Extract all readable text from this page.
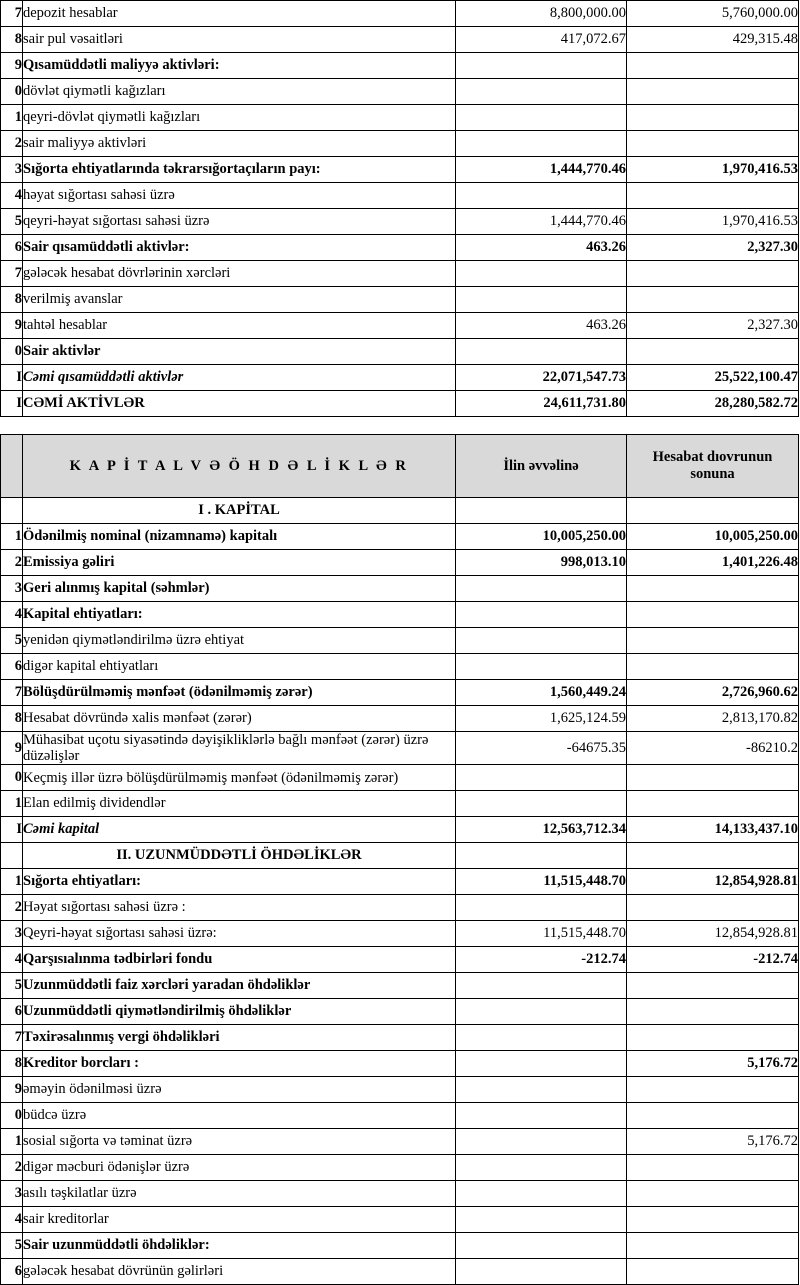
7	depozit hesablar	8,800,000.00	5,760,000.00
8	sair pul vəsaitləri	417,072.67	429,315.48
9	Qısamüddətli maliyyə aktivləri:		
0	dövlət qiymətli kağızları		
1	qeyri-dövlət qiymətli kağızları		
2	sair maliyyə aktivləri		
3	Sığorta ehtiyatlarında təkrarsığortaçıların payı:	1,444,770.46	1,970,416.53
4	həyat sığortası sahəsi üzrə		
5	qeyri-həyat sığortası sahəsi üzrə	1,444,770.46	1,970,416.53
6	Sair qısamüddətli aktivlər:	463.26	2,327.30
7	gələcək hesabat dövrlərinin xərcləri		
8	verilmiş avanslar		
9	tahtəl hesablar	463.26	2,327.30
0	Sair aktivlər		
I	Cəmi qısamüddətli aktivlər	22,071,547.73	25,522,100.47
I	CƏMİ AKTİVLƏR	24,611,731.80	28,280,582.72
	K A P İ T A L V Ə Ö H D Ə L İ K L Ə R	İlin əvvəlinə	Hesabat dıovrunun
sonuna

	I . KAPİTAL		
1	Ödənilmiş nominal (nizamnamə) kapitalı	10,005,250.00	10,005,250.00
2	Emissiya gəliri	998,013.10	1,401,226.48
3	Geri alınmış kapital (səhmlər)		
4	Kapital ehtiyatları:		
5	yenidən qiymətləndirilmə üzrə ehtiyat		
6	digər kapital ehtiyatları		
7	Bölüşdürülməmiş mənfəət (ödənilməmiş zərər)	1,560,449.24	2,726,960.62
8	Hesabat dövründə xalis mənfəət (zərər)	1,625,124.59	2,813,170.82
9	Mühasibat uçotu siyasətində dəyişikliklərlə bağlı mənfəət (zərər) üzrə düzəlişlər	-64675.35	-86210.2
0	Keçmiş illər üzrə bölüşdürülməmiş mənfəət (ödənilməmiş zərər)		
1	Elan edilmiş dividendlər		
I	Cəmi kapital	12,563,712.34	14,133,437.10
	II. UZUNMÜDDƏTLİ ÖHDƏLİKLƏR		
1	Sığorta ehtiyatları:	11,515,448.70	12,854,928.81
2	Həyat sığortası sahəsi üzrə :		
3	Qeyri-həyat sığortası sahəsi üzrə:	11,515,448.70	12,854,928.81
4	Qarşısıalınma tədbirləri fondu	-212.74	-212.74
5	Uzunmüddətli faiz xərcləri yaradan öhdəliklər		
6	Uzunmüddətli qiymətləndirilmiş öhdəliklər		
7	Təxirəsalınmış vergi öhdəlikləri		
8	Kreditor borcları :		5,176.72
9	əməyin ödənilməsi üzrə		
0	büdcə üzrə		
1	sosial sığorta və təminat üzrə		5,176.72
2	digər məcburi ödənişlər üzrə		
3	asılı təşkilatlar üzrə		
4	sair kreditorlar		
5	Sair uzunmüddətli öhdəliklər:		
6	gələcək hesabat dövrünün gəlirləri		
